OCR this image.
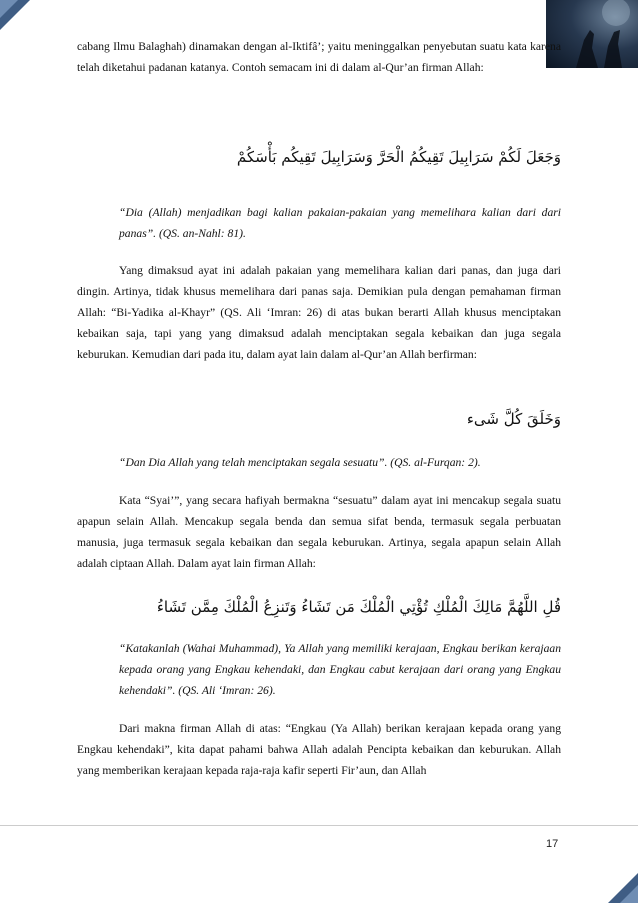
cabang Ilmu Balaghah) dinamakan dengan al-Iktifâ’; yaitu meninggalkan penyebutan suatu kata karena telah diketahui padanan katanya. Contoh semacam ini di dalam al-Qur’an firman Allah:

وَجَعَلَ لَكُمْ سَرَابِيلَ تَقِيكُمُ الْحَرَّ وَسَرَابِيلَ تَقِيكُم بَأْسَكُمْ

“Dia (Allah) menjadikan bagi kalian pakaian-pakaian yang memelihara kalian dari dari panas”. (QS. an-Nahl: 81).

Yang dimaksud ayat ini adalah pakaian yang memelihara kalian dari panas, dan juga dari dingin. Artinya, tidak khusus memelihara dari panas saja. Demikian pula dengan pemahaman firman Allah: “Bi-Yadika al-Khayr” (QS. Ali ‘Imran: 26) di atas bukan berarti Allah khusus menciptakan kebaikan saja, tapi yang yang dimaksud adalah menciptakan segala kebaikan dan juga segala keburukan. Kemudian dari pada itu, dalam ayat lain dalam al-Qur’an Allah berfirman:

وَخَلَقَ كُلَّ شَىء

“Dan Dia Allah yang telah menciptakan segala sesuatu”. (QS. al-Furqan: 2).

Kata “Syai’”, yang secara hafiyah bermakna “sesuatu” dalam ayat ini mencakup segala suatu apapun selain Allah. Mencakup segala benda dan semua sifat benda, termasuk segala perbuatan manusia, juga termasuk segala kebaikan dan segala keburukan. Artinya, segala apapun selain Allah adalah ciptaan Allah. Dalam ayat lain firman Allah:

قُلِ اللَّهُمَّ مَالِكَ الْمُلْكِ تُؤْتِي الْمُلْكَ مَن تَشَاءُ وَتَنزِعُ الْمُلْكَ مِمَّن تَشَاءُ

“Katakanlah (Wahai Muhammad), Ya Allah yang memiliki kerajaan, Engkau berikan kerajaan kepada orang yang Engkau kehendaki, dan Engkau cabut kerajaan dari orang yang Engkau kehendaki”. (QS. Ali ‘Imran: 26).

Dari makna firman Allah di atas: “Engkau (Ya Allah) berikan kerajaan kepada orang yang Engkau kehendaki”, kita dapat pahami bahwa Allah adalah Pencipta kebaikan dan keburukan. Allah yang memberikan kerajaan kepada raja-raja kafir seperti Fir’aun, dan Allah

17
